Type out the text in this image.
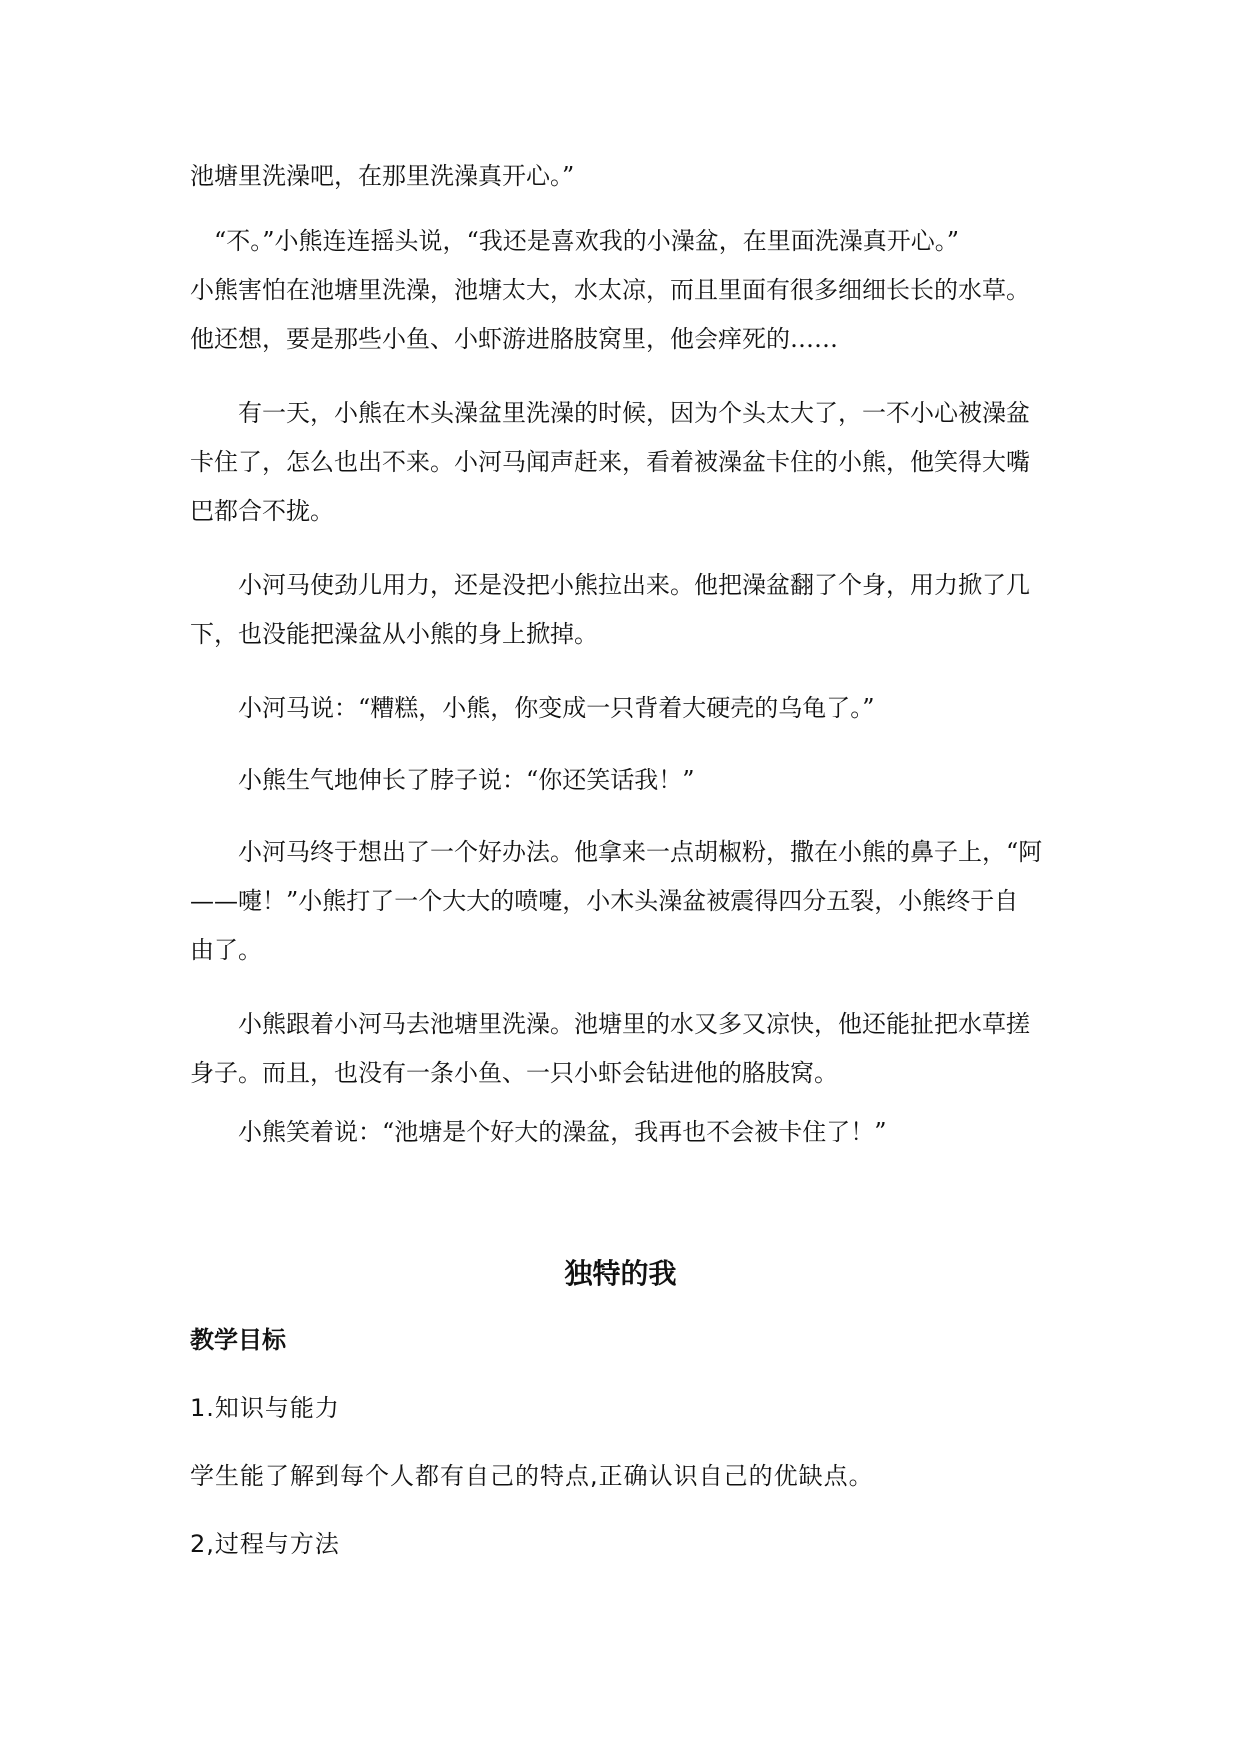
池塘里洗澡吧，在那里洗澡真开心。”
　“不。”小熊连连摇头说，“我还是喜欢我的小澡盆，在里面洗澡真开心。”
小熊害怕在池塘里洗澡，池塘太大，水太凉，而且里面有很多细细长长的水草。
他还想，要是那些小鱼、小虾游进胳肢窝里，他会痒死的……
　　有一天，小熊在木头澡盆里洗澡的时候，因为个头太大了，一不小心被澡盆
卡住了，怎么也出不来。小河马闻声赶来，看着被澡盆卡住的小熊，他笑得大嘴
巴都合不拢。
　　小河马使劲儿用力，还是没把小熊拉出来。他把澡盆翻了个身，用力掀了几
下，也没能把澡盆从小熊的身上掀掉。
　　小河马说：“糟糕，小熊，你变成一只背着大硬壳的乌龟了。”
　　小熊生气地伸长了脖子说：“你还笑话我！”
　　小河马终于想出了一个好办法。他拿来一点胡椒粉，撒在小熊的鼻子上，“阿
——嚏！”小熊打了一个大大的喷嚏，小木头澡盆被震得四分五裂，小熊终于自
由了。
　　小熊跟着小河马去池塘里洗澡。池塘里的水又多又凉快，他还能扯把水草搓
身子。而且，也没有一条小鱼、一只小虾会钻进他的胳肢窝。
　　小熊笑着说：“池塘是个好大的澡盆，我再也不会被卡住了！”
独特的我
教学目标
1.知识与能力
学生能了解到每个人都有自己的特点,正确认识自己的优缺点。
2,过程与方法
